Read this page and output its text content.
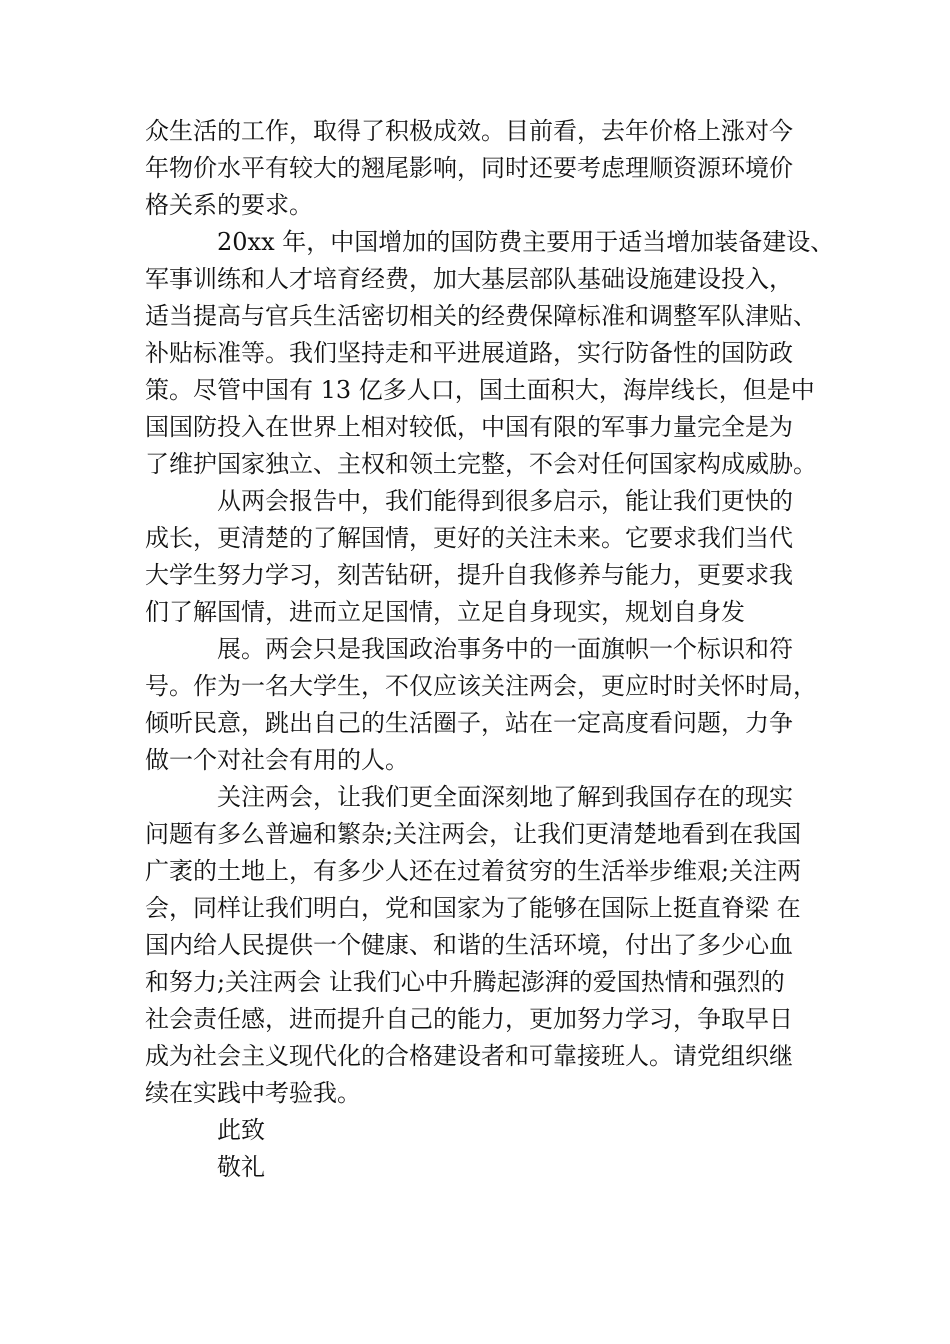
众生活的工作，取得了积极成效。目前看，去年价格上涨对今
年物价水平有较大的翘尾影响，同时还要考虑理顺资源环境价
格关系的要求。
20xx 年，中国增加的国防费主要用于适当增加装备建设、
军事训练和人才培育经费，加大基层部队基础设施建设投入，
适当提高与官兵生活密切相关的经费保障标准和调整军队津贴、
补贴标准等。我们坚持走和平进展道路，实行防备性的国防政
策。尽管中国有 13 亿多人口，国土面积大，海岸线长，但是中
国国防投入在世界上相对较低，中国有限的军事力量完全是为
了维护国家独立、主权和领土完整，不会对任何国家构成威胁。
从两会报告中，我们能得到很多启示，能让我们更快的
成长，更清楚的了解国情，更好的关注未来。它要求我们当代
大学生努力学习，刻苦钻研，提升自我修养与能力，更要求我
们了解国情，进而立足国情，立足自身现实，规划自身发
展。两会只是我国政治事务中的一面旗帜一个标识和符
号。作为一名大学生，不仅应该关注两会，更应时时关怀时局，
倾听民意，跳出自己的生活圈子，站在一定高度看问题，力争
做一个对社会有用的人。
关注两会，让我们更全面深刻地了解到我国存在的现实
问题有多么普遍和繁杂;关注两会，让我们更清楚地看到在我国
广袤的土地上，有多少人还在过着贫穷的生活举步维艰;关注两
会，同样让我们明白，党和国家为了能够在国际上挺直脊梁 在
国内给人民提供一个健康、和谐的生活环境，付出了多少心血
和努力;关注两会 让我们心中升腾起澎湃的爱国热情和强烈的
社会责任感，进而提升自己的能力，更加努力学习，争取早日
成为社会主义现代化的合格建设者和可靠接班人。请党组织继
续在实践中考验我。
此致
敬礼
